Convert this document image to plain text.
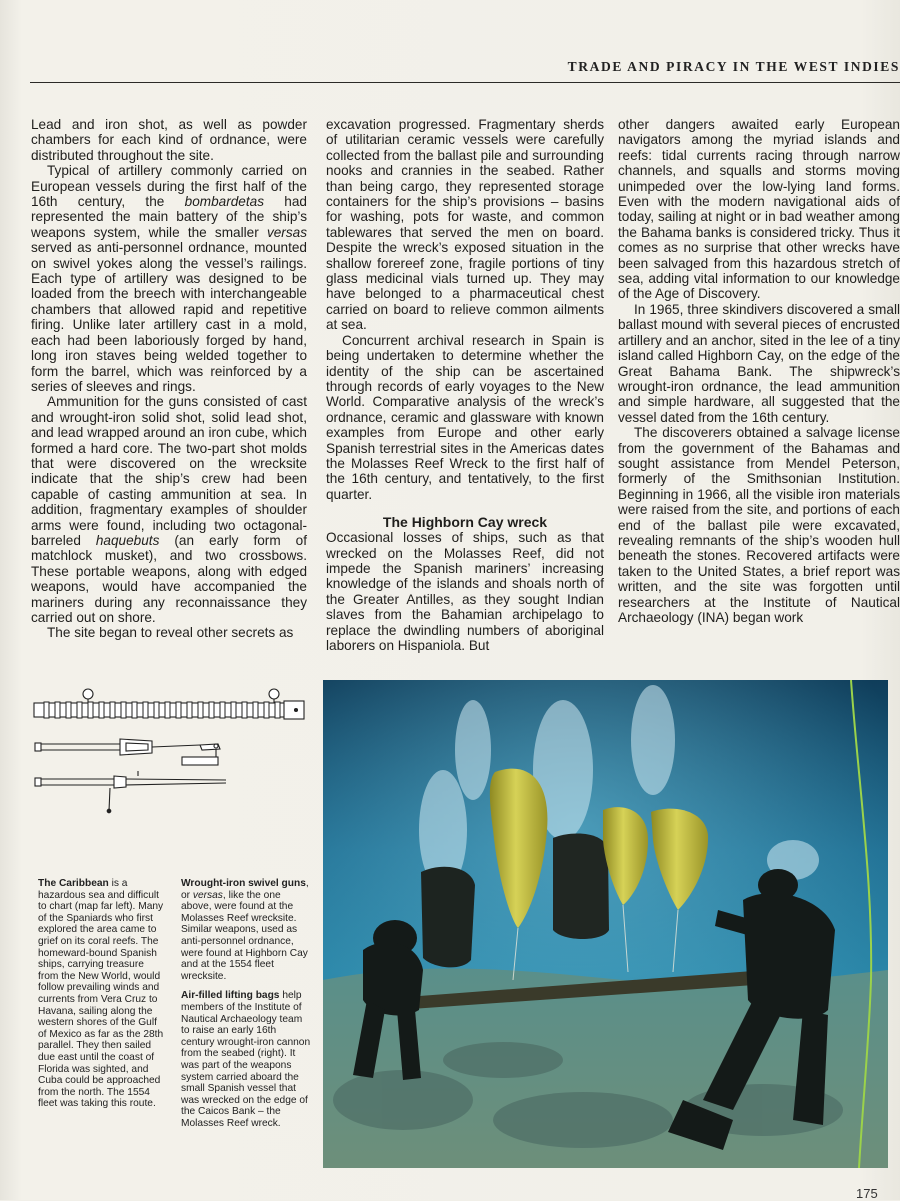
TRADE AND PIRACY IN THE WEST INDIES

Lead and iron shot, as well as powder chambers for each kind of ordnance, were distributed throughout the site.

Typical of artillery commonly carried on European vessels during the first half of the 16th century, the bombardetas had represented the main battery of the ship’s weapons system, while the smaller versas served as anti-personnel ordnance, mounted on swivel yokes along the vessel’s railings. Each type of artillery was designed to be loaded from the breech with interchangeable chambers that allowed rapid and repetitive firing. Unlike later artillery cast in a mold, each had been laboriously forged by hand, long iron staves being welded together to form the barrel, which was reinforced by a series of sleeves and rings.

Ammunition for the guns consisted of cast and wrought-iron solid shot, solid lead shot, and lead wrapped around an iron cube, which formed a hard core. The two-part shot molds that were discovered on the wrecksite indicate that the ship’s crew had been capable of casting ammunition at sea. In addition, fragmentary examples of shoulder arms were found, including two octagonal-barreled haquebuts (an early form of matchlock musket), and two crossbows. These portable weapons, along with edged weapons, would have accompanied the mariners during any reconnaissance they carried out on shore.

The site began to reveal other secrets as

excavation progressed. Fragmentary sherds of utilitarian ceramic vessels were carefully collected from the ballast pile and surrounding nooks and crannies in the seabed. Rather than being cargo, they represented storage containers for the ship’s provisions – basins for washing, pots for waste, and common tablewares that served the men on board. Despite the wreck’s exposed situation in the shallow forereef zone, fragile portions of tiny glass medicinal vials turned up. They may have belonged to a pharmaceutical chest carried on board to relieve common ailments at sea.

Concurrent archival research in Spain is being undertaken to determine whether the identity of the ship can be ascertained through records of early voyages to the New World. Comparative analysis of the wreck’s ordnance, ceramic and glassware with known examples from Europe and other early Spanish terrestrial sites in the Americas dates the Molasses Reef Wreck to the first half of the 16th century, and tentatively, to the first quarter.

The Highborn Cay wreck

Occasional losses of ships, such as that wrecked on the Molasses Reef, did not impede the Spanish mariners’ increasing knowledge of the islands and shoals north of the Greater Antilles, as they sought Indian slaves from the Bahamian archipelago to replace the dwindling numbers of aboriginal laborers on Hispaniola. But

other dangers awaited early European navigators among the myriad islands and reefs: tidal currents racing through narrow channels, and squalls and storms moving unimpeded over the low-lying land forms. Even with the modern navigational aids of today, sailing at night or in bad weather among the Bahama banks is considered tricky. Thus it comes as no surprise that other wrecks have been salvaged from this hazardous stretch of sea, adding vital information to our knowledge of the Age of Discovery.

In 1965, three skindivers discovered a small ballast mound with several pieces of encrusted artillery and an anchor, sited in the lee of a tiny island called Highborn Cay, on the edge of the Great Bahama Bank. The shipwreck’s wrought-iron ordnance, the lead ammunition and simple hardware, all suggested that the vessel dated from the 16th century.

The discoverers obtained a salvage license from the government of the Bahamas and sought assistance from Mendel Peterson, formerly of the Smithsonian Institution. Beginning in 1966, all the visible iron materials were raised from the site, and portions of each end of the ballast pile were excavated, revealing remnants of the ship’s wooden hull beneath the stones. Recovered artifacts were taken to the United States, a brief report was written, and the site was forgotten until researchers at the Institute of Nautical Archaeology (INA) began work

The Caribbean is a hazardous sea and difficult to chart (map far left). Many of the Spaniards who first explored the area came to grief on its coral reefs. The homeward-bound Spanish ships, carrying treasure from the New World, would follow prevailing winds and currents from Vera Cruz to Havana, sailing along the western shores of the Gulf of Mexico as far as the 28th parallel. They then sailed due east until the coast of Florida was sighted, and Cuba could be approached from the north. The 1554 fleet was taking this route.
Wrought-iron swivel guns, or versas, like the one above, were found at the Molasses Reef wrecksite. Similar weapons, used as anti-personnel ordnance, were found at Highborn Cay and at the 1554 fleet wrecksite.
Air-filled lifting bags help members of the Institute of Nautical Archaeology team to raise an early 16th century wrought-iron cannon from the seabed (right). It was part of the weapons system carried aboard the small Spanish vessel that was wrecked on the edge of the Caicos Bank – the Molasses Reef wreck.
175
